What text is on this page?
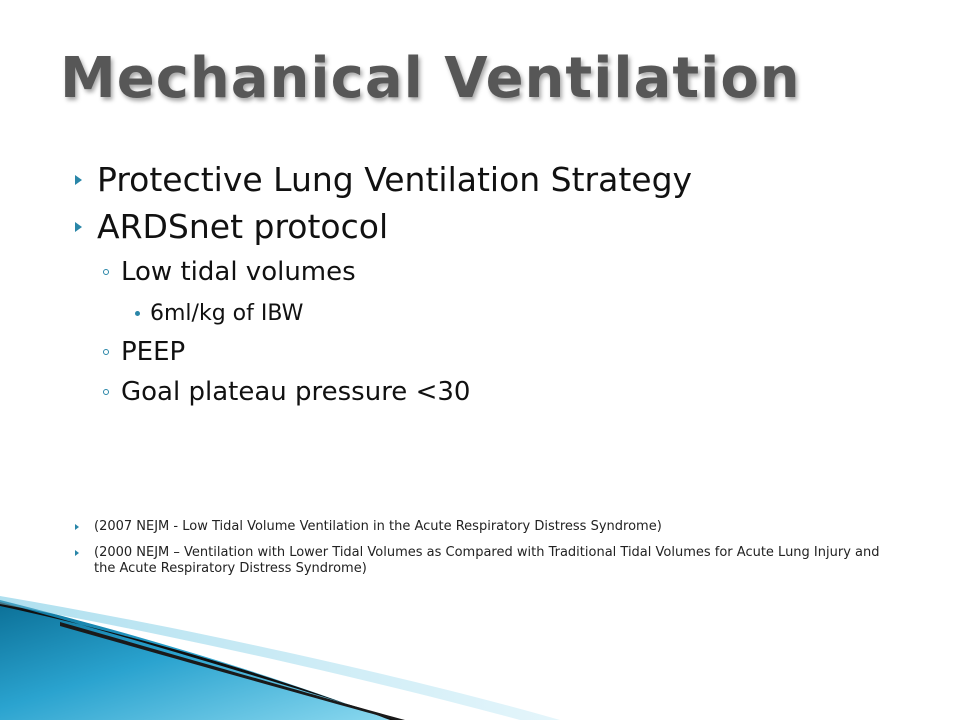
Mechanical Ventilation
Protective Lung Ventilation Strategy
ARDSnet protocol
Low tidal volumes
6ml/kg of IBW
PEEP
Goal plateau pressure <30
(2007 NEJM - Low Tidal Volume Ventilation in the Acute Respiratory Distress Syndrome)
(2000 NEJM – Ventilation with Lower Tidal Volumes as Compared with Traditional Tidal Volumes for Acute Lung Injury and the Acute Respiratory Distress Syndrome)
